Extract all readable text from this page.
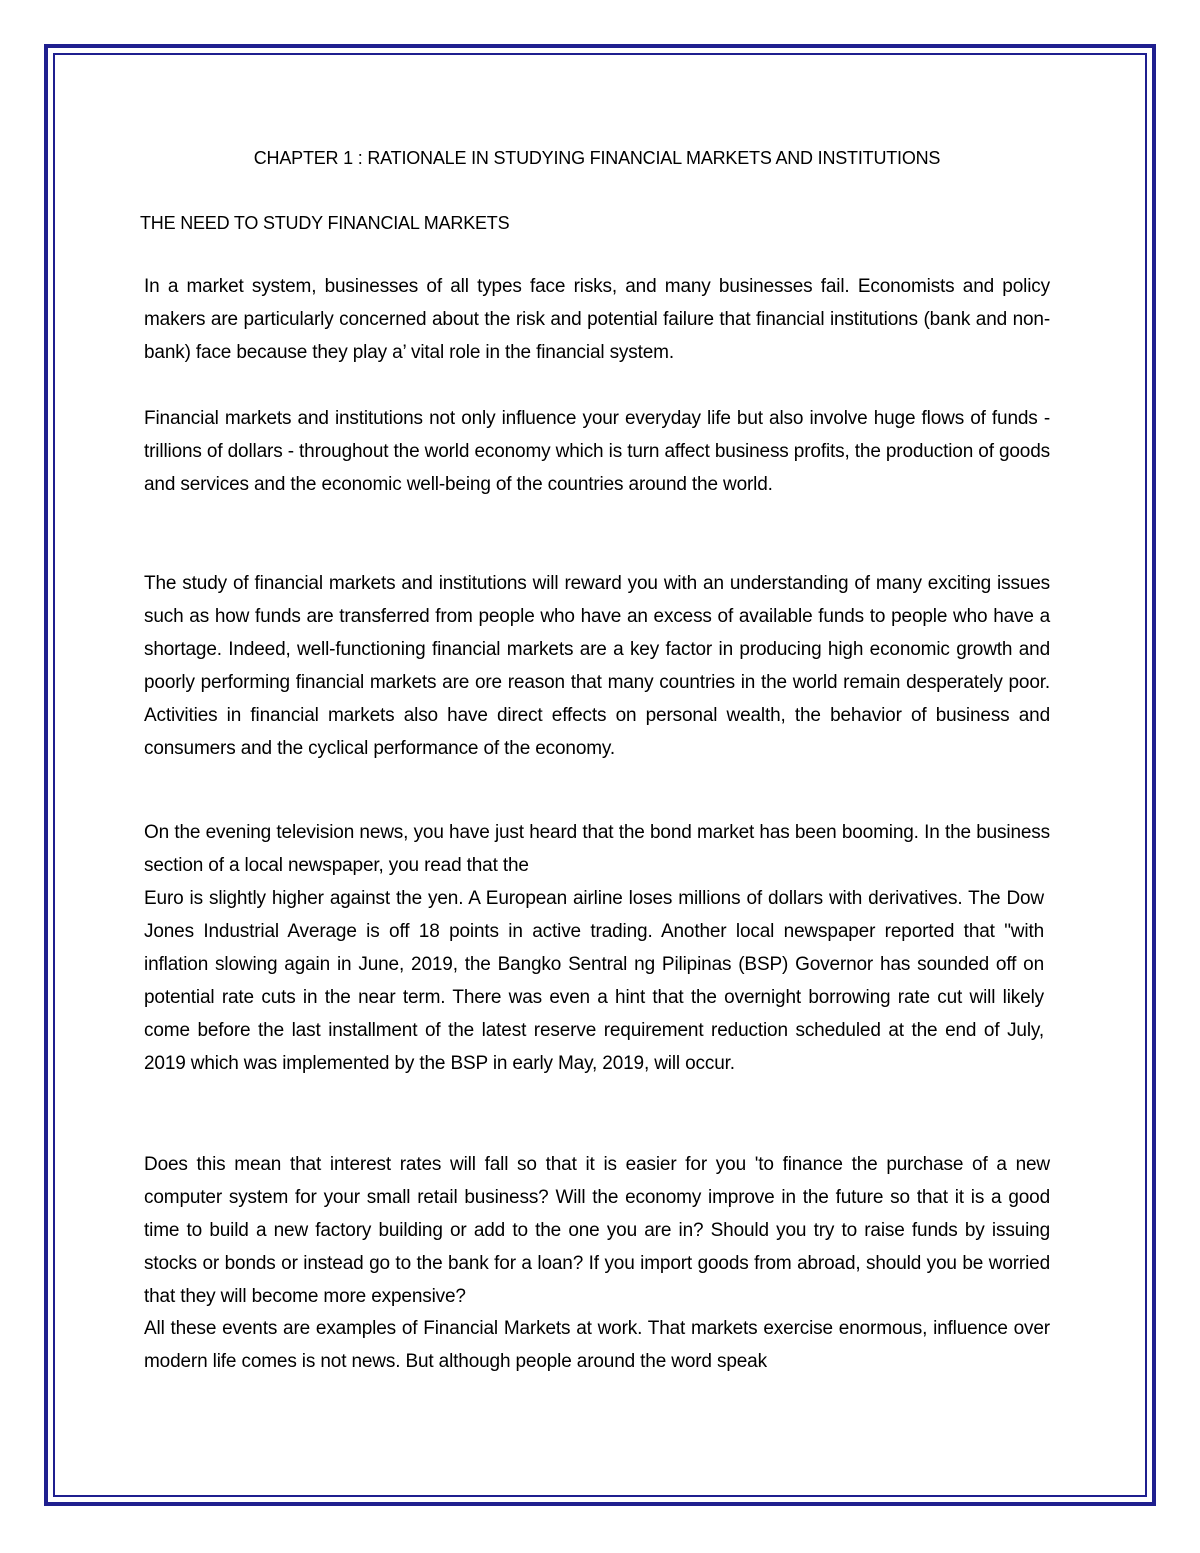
CHAPTER 1 : RATIONALE IN STUDYING FINANCIAL MARKETS AND INSTITUTIONS
THE NEED TO STUDY FINANCIAL MARKETS

In a market system, businesses of all types face risks, and many businesses fail. Economists and policy makers are particularly concerned about the risk and potential failure that financial institutions (bank and non-bank) face because they play a’ vital role in the financial system.

Financial markets and institutions not only influence your everyday life but also involve huge flows of funds - trillions of dollars - throughout the world economy which is turn affect business profits, the production of goods and services and the economic well-being of the countries around the world.

The study of financial markets and institutions will reward you with an understanding of many exciting issues such as how funds are transferred from people who have an excess of available funds to people who have a shortage. Indeed, well-functioning financial markets are a key factor in producing high economic growth and poorly performing financial markets are ore reason that many countries in the world remain desperately poor. Activities in financial markets also have direct effects on personal wealth, the behavior of business and consumers and the cyclical performance of the economy.

On the evening television news, you have just heard that the bond market has been booming. In the business section of a local newspaper, you read that the

Euro is slightly higher against the yen. A European airline loses millions of dollars with derivatives. The Dow Jones Industrial Average is off 18 points in active trading. Another local newspaper reported that "with inflation slowing again in June, 2019, the Bangko Sentral ng Pilipinas (BSP) Governor has sounded off on potential rate cuts in the near term. There was even a hint that the overnight borrowing rate cut will likely come before the last installment of the latest reserve requirement reduction scheduled at the end of July, 2019 which was implemented by the BSP in early May, 2019, will occur.

Does this mean that interest rates will fall so that it is easier for you 'to finance the purchase of a new computer system for your small retail business? Will the economy improve in the future so that it is a good time to build a new factory building or add to the one you are in? Should you try to raise funds by issuing stocks or bonds or instead go to the bank for a loan? If you import goods from abroad, should you be worried that they will become more expensive?

All these events are examples of Financial Markets at work. That markets exercise enormous, influence over modern life comes is not news. But although people around the word speak
